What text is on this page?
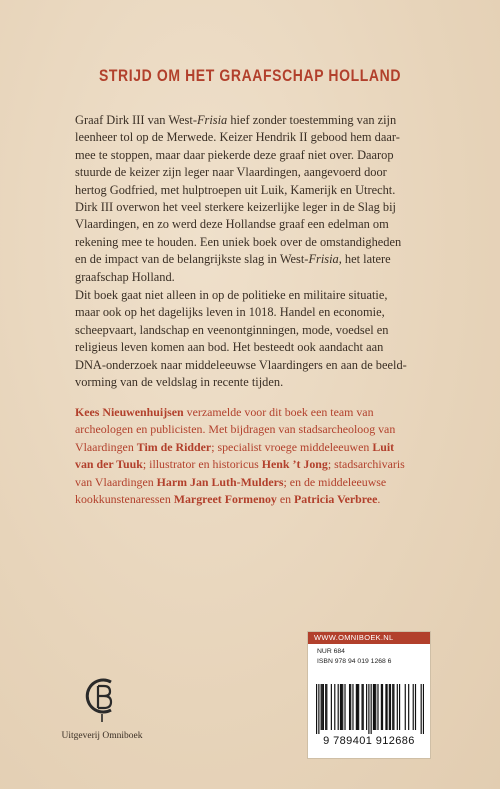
STRIJD OM HET GRAAFSCHAP HOLLAND
Graaf Dirk III van West-Frisia hief zonder toestemming van zijn
leenheer tol op de Merwede. Keizer Hendrik II gebood hem daar-
mee te stoppen, maar daar piekerde deze graaf niet over. Daarop
stuurde de keizer zijn leger naar Vlaardingen, aangevoerd door
hertog Godfried, met hulptroepen uit Luik, Kamerijk en Utrecht.
Dirk III overwon het veel sterkere keizerlijke leger in de Slag bij
Vlaardingen, en zo werd deze Hollandse graaf een edelman om
rekening mee te houden. Een uniek boek over de omstandigheden
en de impact van de belangrijkste slag in West-Frisia, het latere
graafschap Holland.
Dit boek gaat niet alleen in op de politieke en militaire situatie,
maar ook op het dagelijks leven in 1018. Handel en economie,
scheepvaart, landschap en veenontginningen, mode, voedsel en
religieus leven komen aan bod. Het besteedt ook aandacht aan
DNA-onderzoek naar middeleeuwse Vlaardingers en aan de beeld-
vorming van de veldslag in recente tijden.
Kees Nieuwenhuijsen verzamelde voor dit boek een team van
archeologen en publicisten. Met bijdragen van stadsarcheoloog van
Vlaardingen Tim de Ridder; specialist vroege middeleeuwen Luit
van der Tuuk; illustrator en historicus Henk ’t Jong; stadsarchivaris
van Vlaardingen Harm Jan Luth-Mulders; en de middeleeuwse
kookkunstenaressen Margreet Formenoy en Patricia Verbree.
Uitgeverij Omniboek
WWW.OMNIBOEK.NL
NUR 684
ISBN 978 94 019 1268 6
9 789401 912686
